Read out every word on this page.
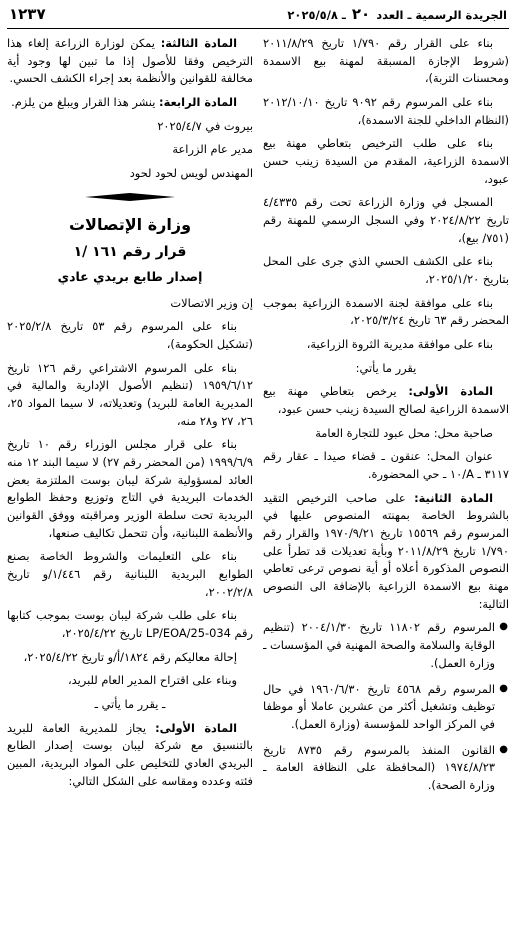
الجريدة الرسمية ـ العدد ٢٠ ـ ٢٠٢٥/٥/٨
١٢٣٧

بناء على القرار رقم ١/٧٩٠ تاريخ ٢٠١١/٨/٢٩ (شروط الإجازة المسبقة لمهنة بيع الاسمدة ومحسنات التربة)،

بناء على المرسوم رقم ٩٠٩٢ تاريخ ٢٠١٢/١٠/١٠ (النظام الداخلي للجنة الاسمدة)،

بناء على طلب الترخيص بتعاطي مهنة بيع الاسمدة الزراعية، المقدم من السيدة زينب حسن عبود،

المسجل في وزارة الزراعة تحت رقم ٤/٤٣٣٥ تاريخ ٢٠٢٤/٨/٢٢ وفي السجل الرسمي للمهنة رقم (٧٥١/ بيع)،

بناء على الكشف الحسي الذي جرى على المحل بتاريخ ٢٠٢٥/١/٢٠،

بناء على موافقة لجنة الاسمدة الزراعية بموجب المحضر رقم ٦٣ تاريخ ٢٠٢٥/٣/٢٤،

بناء على موافقة مديرية الثروة الزراعية،

يقرر ما يأتي:

المادة الأولى: يرخص بتعاطي مهنة بيع الاسمدة الزراعية لصالح السيدة زينب حسن عبود،

صاحبة محل: محل عبود للتجارة العامة

عنوان المحل: عنقون ـ قضاء صيدا ـ عقار رقم ٣١١٧ ـ A/١٠ ـ حي المحضورة.

المادة الثانية: على صاحب الترخيص التقيد بالشروط الخاصة بمهنته المنصوص عليها في المرسوم رقم ١٥٥٦٩ تاريخ ١٩٧٠/٩/٢١ والقرار رقم ١/٧٩٠ تاريخ ٢٠١١/٨/٢٩ وبأية تعديلات قد تطرأ على النصوص المذكورة أعلاه أو أية نصوص ترعى تعاطي مهنة بيع الاسمدة الزراعية بالإضافة الى النصوص التالية:

● المرسوم رقم ١١٨٠٢ تاريخ ٢٠٠٤/١/٣٠ (تنظيم الوقاية والسلامة والصحة المهنية في المؤسسات ـ وزارة العمل).
● المرسوم رقم ٤٥٦٨ تاريخ ١٩٦٠/٦/٣٠ في حال توظيف وتشغيل أكثر من عشرين عاملا أو موظفا في المركز الواحد للمؤسسة (وزارة العمل).
● القانون المنفذ بالمرسوم رقم ٨٧٣٥ تاريخ ١٩٧٤/٨/٢٣ (المحافظة على النظافة العامة ـ وزارة الصحة).

المادة الثالثة: يمكن لوزارة الزراعة إلغاء هذا الترخيص وفقا للأصول إذا ما تبين لها وجود أية مخالفة للقوانين والأنظمة بعد إجراء الكشف الحسي.

المادة الرابعة: ينشر هذا القرار ويبلغ من يلزم.

بيروت في ٢٠٢٥/٤/٧

مدير عام الزراعة

المهندس لويس لحود لحود

وزارة الإتصالات
قرار رقم ١٦١ /١
إصدار طابع بريدي عادي

إن وزير الاتصالات

بناء على المرسوم رقم ٥٣ تاريخ ٢٠٢٥/٢/٨ (تشكيل الحكومة)،

بناء على المرسوم الاشتراعي رقم ١٢٦ تاريخ ١٩٥٩/٦/١٢ (تنظيم الأصول الإدارية والمالية في المديرية العامة للبريد) وتعديلاته، لا سيما المواد ٢٥، ٢٦، ٢٧ و٢٨ منه،

بناء على قرار مجلس الوزراء رقم ١٠ تاريخ ١٩٩٩/٦/٩ (من المحضر رقم ٢٧) لا سيما البند ١٢ منه العائد لمسؤولية شركة ليبان بوست الملتزمة بعض الخدمات البريدية في التاج وتوزيع وحفظ الطوابع البريدية تحت سلطة الوزير ومراقبته ووفق القوانين والأنظمة اللبنانية، وأن تتحمل تكاليف صنعها،

بناء على التعليمات والشروط الخاصة بصنع الطوابع البريدية اللبنانية رقم ١/٤٤٦/و تاريخ ٢٠٠٢/٢/٨،

بناء على طلب شركة ليبان بوست بموجب كتابها رقم LP/EOA/25-034 تاريخ ٢٠٢٥/٤/٢٢،

إحالة معاليكم رقم ١٨٢٤/أ/و تاريخ ٢٠٢٥/٤/٢٢،

وبناء على اقتراح المدير العام للبريد،

ـ يقرر ما يأتي ـ

المادة الأولى: يجاز للمديرية العامة للبريد بالتنسيق مع شركة ليبان بوست إصدار الطابع البريدي العادي للتخليص على المواد البريدية، المبين فئته وعدده ومقاسه على الشكل التالي:
